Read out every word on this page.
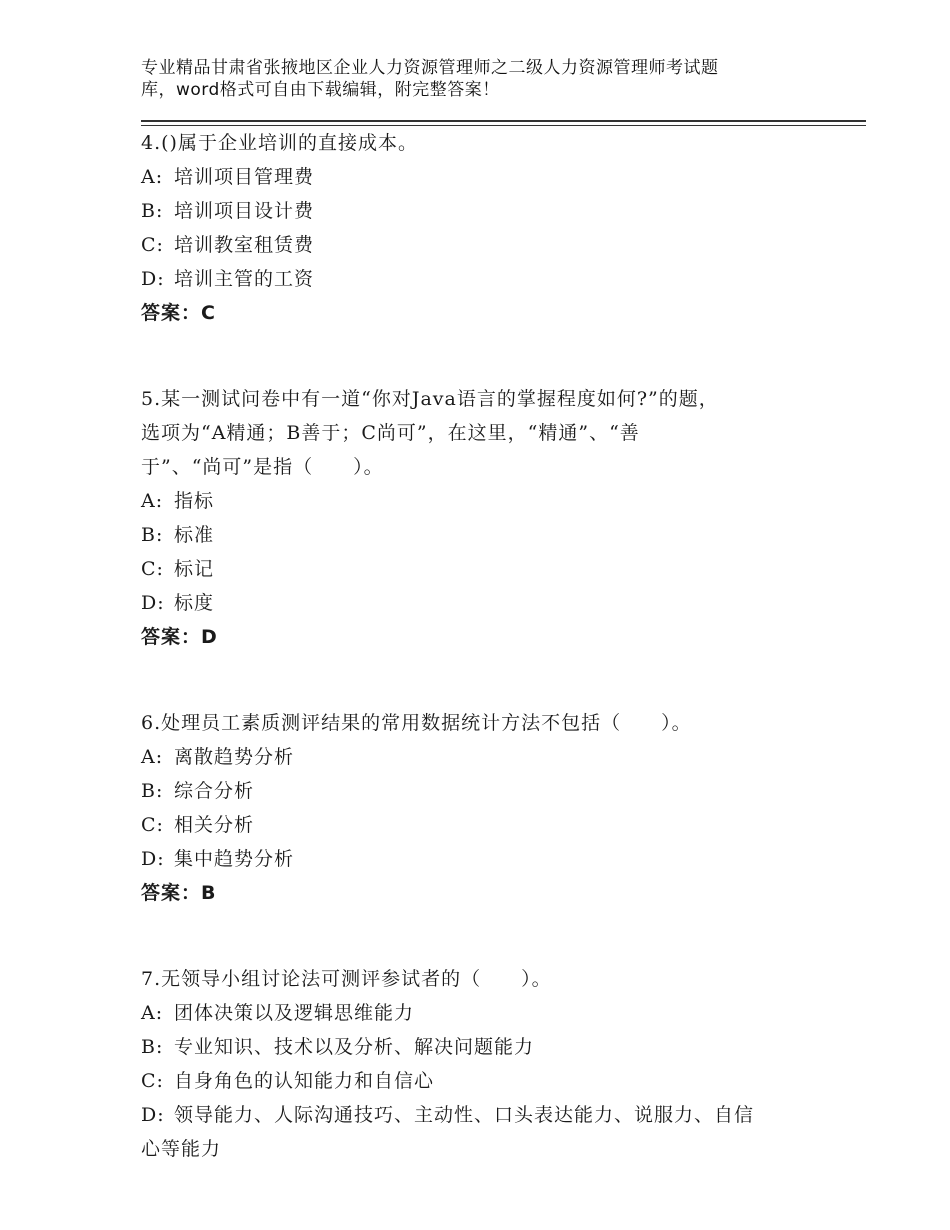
专业精品甘肃省张掖地区企业人力资源管理师之二级人力资源管理师考试题
库，word格式可自由下载编辑，附完整答案！
4.()属于企业培训的直接成本。
A: 培训项目管理费
B: 培训项目设计费
C: 培训教室租赁费
D: 培训主管的工资
答案：C
5.某一测试问卷中有一道“你对Java语言的掌握程度如何?”的题，
选项为“A精通；B善于；C尚可”，在这里，“精通”、“善
于”、“尚可”是指（　　）。
A: 指标
B: 标准
C: 标记
D: 标度
答案：D
6.处理员工素质测评结果的常用数据统计方法不包括（　　）。
A: 离散趋势分析
B: 综合分析
C: 相关分析
D: 集中趋势分析
答案：B
7.无领导小组讨论法可测评参试者的（　　）。
A: 团体决策以及逻辑思维能力
B: 专业知识、技术以及分析、解决问题能力
C: 自身角色的认知能力和自信心
D: 领导能力、人际沟通技巧、主动性、口头表达能力、说服力、自信
心等能力
